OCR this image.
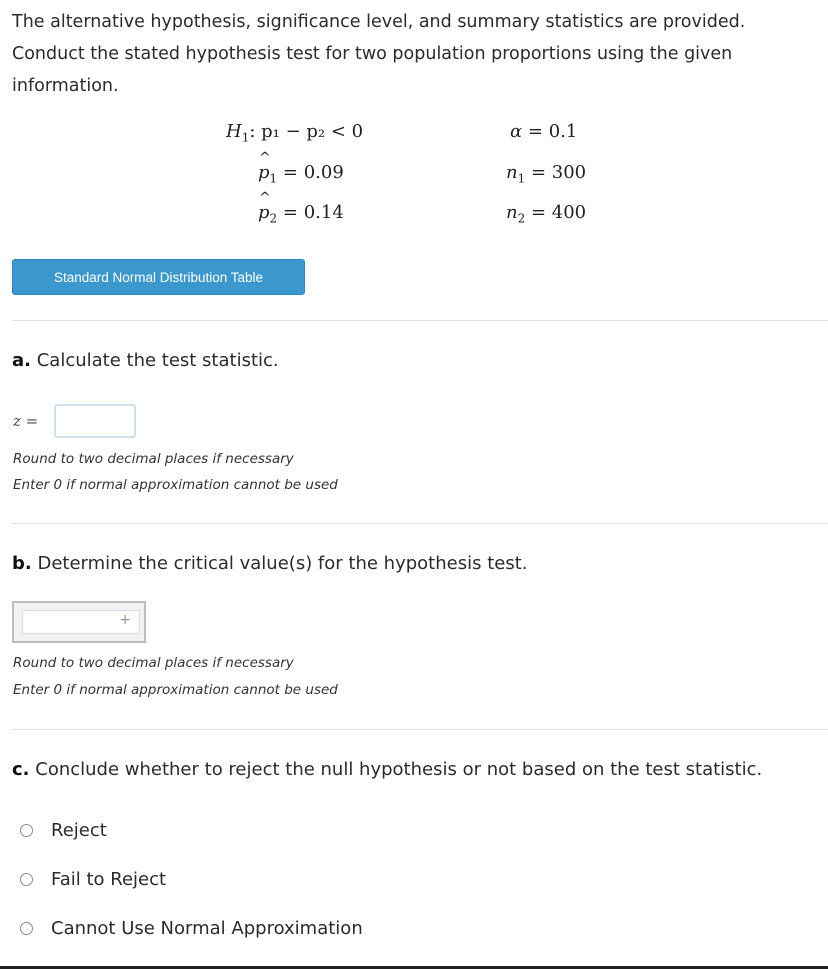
The alternative hypothesis, significance level, and summary statistics are provided. Conduct the stated hypothesis test for two population proportions using the given information.
$H_1$: p₁ − p₂ < 0	α = 0.1
^ $p_1 = 0.09$	$n_1 = 300$
^ $p_2 = 0.14$	$n_2 = 400$
Standard Normal Distribution Table
a. Calculate the test statistic.
z =
Round to two decimal places if necessary
Enter 0 if normal approximation cannot be used
b. Determine the critical value(s) for the hypothesis test.
+
Round to two decimal places if necessary
Enter 0 if normal approximation cannot be used
c. Conclude whether to reject the null hypothesis or not based on the test statistic.
Reject
Fail to Reject
Cannot Use Normal Approximation
